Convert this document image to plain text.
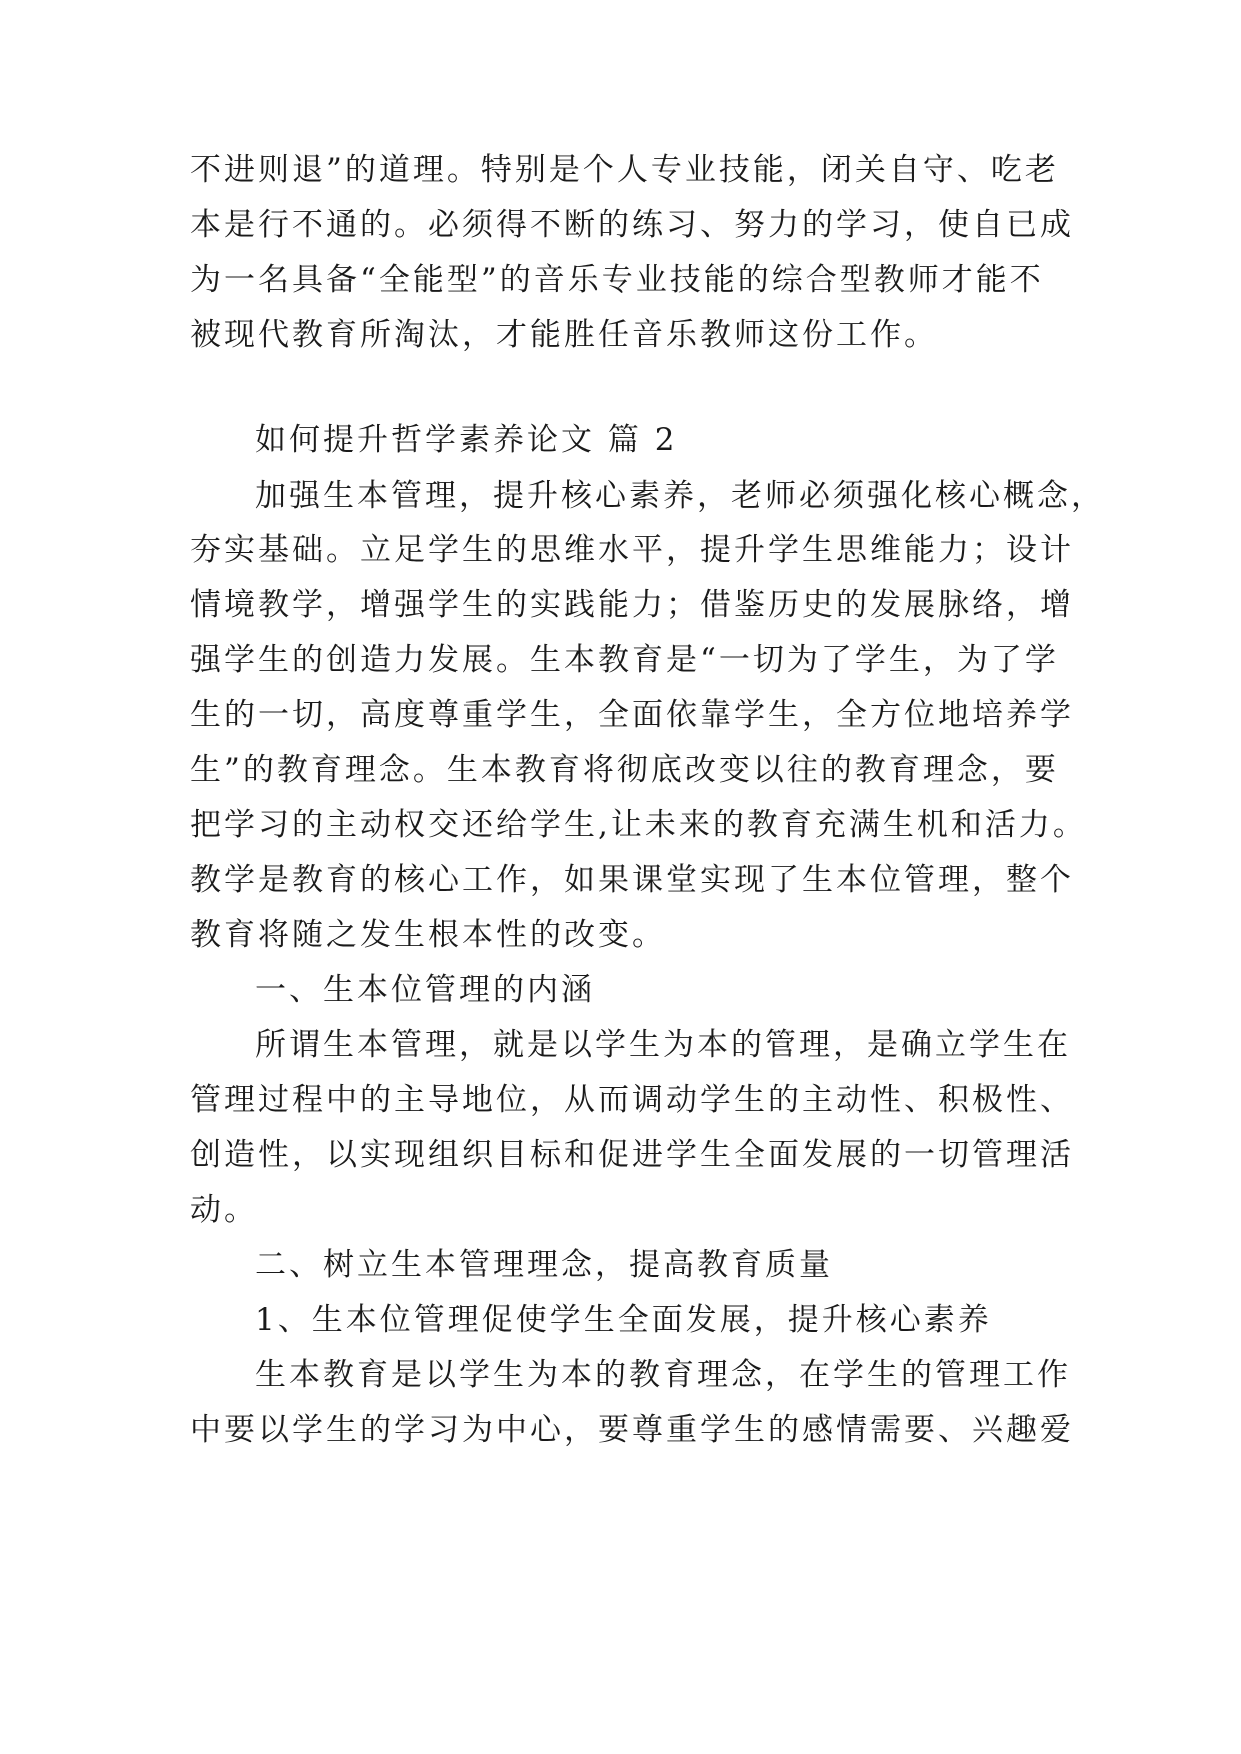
不进则退”的道理。特别是个人专业技能，闭关自守、吃老
本是行不通的。必须得不断的练习、努力的学习，使自已成
为一名具备“全能型”的音乐专业技能的综合型教师才能不
被现代教育所淘汰，才能胜任音乐教师这份工作。
如何提升哲学素养论文 篇 2
加强生本管理，提升核心素养，老师必须强化核心概念，
夯实基础。立足学生的思维水平，提升学生思维能力；设计
情境教学，增强学生的实践能力；借鉴历史的发展脉络，增
强学生的创造力发展。生本教育是“一切为了学生，为了学
生的一切，高度尊重学生，全面依靠学生，全方位地培养学
生”的教育理念。生本教育将彻底改变以往的教育理念，要
把学习的主动权交还给学生,让未来的教育充满生机和活力。
教学是教育的核心工作，如果课堂实现了生本位管理，整个
教育将随之发生根本性的改变。
一、生本位管理的内涵
所谓生本管理，就是以学生为本的管理，是确立学生在
管理过程中的主导地位，从而调动学生的主动性、积极性、
创造性，以实现组织目标和促进学生全面发展的一切管理活
动。
二、树立生本管理理念，提高教育质量
1、生本位管理促使学生全面发展，提升核心素养
生本教育是以学生为本的教育理念，在学生的管理工作
中要以学生的学习为中心，要尊重学生的感情需要、兴趣爱
